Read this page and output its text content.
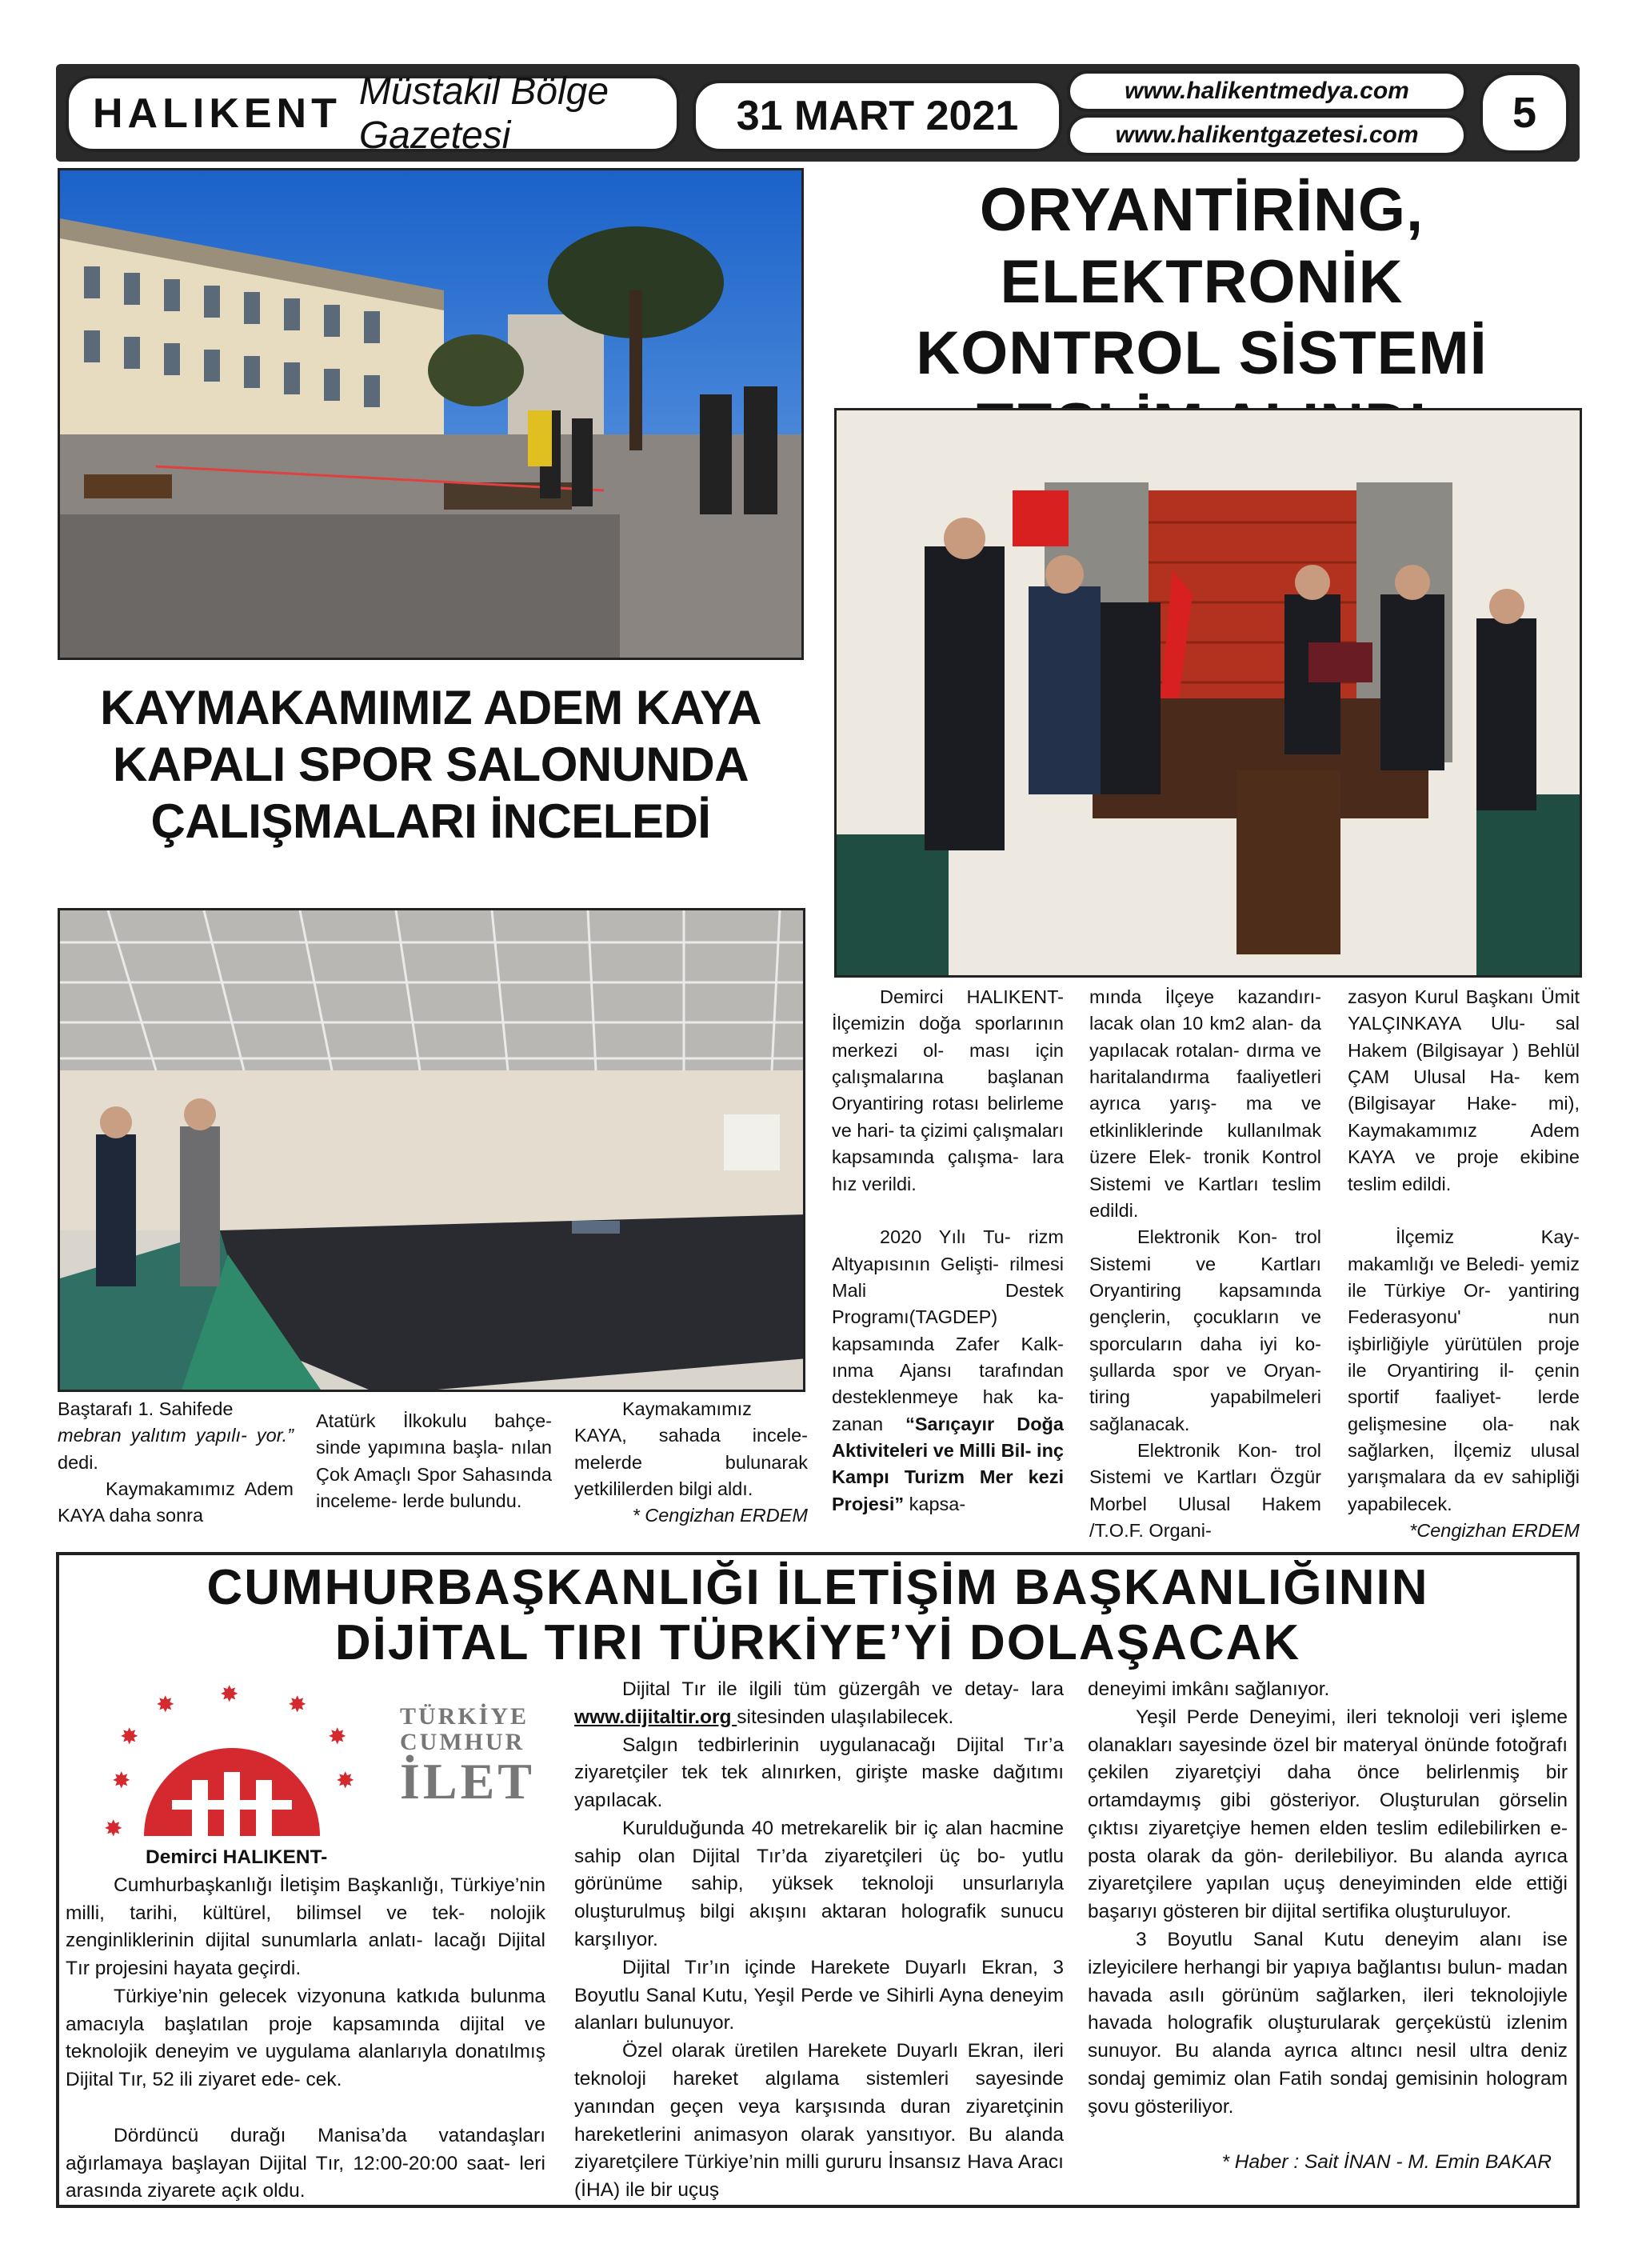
HALIKENT Müstakil Bölge Gazetesi	31 MART 2021
www.halikentmedya.com
www.halikentgazetesi.com	5
KAYMAKAMIMIZ ADEM KAYA
KAPALI SPOR SALONUNDA
ÇALIŞMALARI İNCELEDİ

Baştarafı 1. Sahifede

mebran yalıtım yapılı- yor.” dedi.

Kaymakamımız Adem KAYA daha sonra

Atatürk İlkokulu bahçe- sinde yapımına başla- nılan Çok Amaçlı Spor Sahasında inceleme- lerde bulundu.

Kaymakamımız KAYA, sahada incele- melerde bulunarak yetkililerden bilgi aldı.

* Cengizhan ERDEM

ORYANTİRİNG, ELEKTRONİK
KONTROL SİSTEMİ

Demirci HALIKENT- İlçemizin doğa sporlarının merkezi ol- ması için çalışmalarına başlanan Oryantiring rotası belirleme ve hari- ta çizimi çalışmaları kapsamında çalışma- lara hız verildi.

2020 Yılı Tu- rizm Altyapısının Gelişti- rilmesi Mali Destek Programı(TAGDEP) kapsamında Zafer Kalk- ınma Ajansı tarafından desteklenmeye hak ka- zanan “Sarıçayır Doğa Aktiviteleri ve Milli Bil- inç Kampı Turizm Mer kezi Projesi” kapsa-

mında İlçeye kazandırı- lacak olan 10 km2 alan- da yapılacak rotalan- dırma ve haritalandırma faaliyetleri ayrıca yarış- ma ve etkinliklerinde kullanılmak üzere Elek- tronik Kontrol Sistemi ve Kartları teslim edildi.

Elektronik Kon- trol Sistemi ve Kartları Oryantiring kapsamında gençlerin, çocukların ve sporcuların daha iyi ko- şullarda spor ve Oryan- tiring yapabilmeleri sağlanacak.

Elektronik Kon- trol Sistemi ve Kartları Özgür Morbel Ulusal Hakem /T.O.F. Organi-

zasyon Kurul Başkanı Ümit YALÇINKAYA Ulu- sal Hakem (Bilgisayar ) Behlül ÇAM Ulusal Ha- kem (Bilgisayar Hake- mi), Kaymakamımız Adem KAYA ve proje ekibine teslim edildi.

İlçemiz Kay- makamlığı ve Beledi- yemiz ile Türkiye Or- yantiring Federasyonu' nun işbirliğiyle yürütülen proje ile Oryantiring il- çenin sportif faaliyet- lerde gelişmesine ola- nak sağlarken, İlçemiz ulusal yarışmalara da ev sahipliği yapabilecek.

*Cengizhan ERDEM

CUMHURBAŞKANLIĞI İLETİŞİM BAŞKANLIĞININ
DİJİTAL TIRI TÜRKİYE’Yİ DOLAŞACAK
✸
✸
✸ ✸ ✸
✸
✸
✸
TÜRKİYE
CUMHUR
İLET

Demirci HALIKENT-

Cumhurbaşkanlığı İletişim Başkanlığı, Türkiye’nin milli, tarihi, kültürel, bilimsel ve tek- nolojik zenginliklerinin dijital sunumlarla anlatı- lacağı Dijital Tır projesini hayata geçirdi.

Türkiye’nin gelecek vizyonuna katkıda bulunma amacıyla başlatılan proje kapsamında dijital ve teknolojik deneyim ve uygulama alanlarıyla donatılmış Dijital Tır, 52 ili ziyaret ede- cek.

Dördüncü durağı Manisa’da vatandaşları ağırlamaya başlayan Dijital Tır, 12:00-20:00 saat- leri arasında ziyarete açık oldu.

Dijital Tır ile ilgili tüm güzergâh ve detay- lara www.dijitaltir.org sitesinden ulaşılabilecek.

Salgın tedbirlerinin uygulanacağı Dijital Tır’a ziyaretçiler tek tek alınırken, girişte maske dağıtımı yapılacak.

Kurulduğunda 40 metrekarelik bir iç alan hacmine sahip olan Dijital Tır’da ziyaretçileri üç bo- yutlu görünüme sahip, yüksek teknoloji unsurlarıyla oluşturulmuş bilgi akışını aktaran holografik sunucu karşılıyor.

Dijital Tır’ın içinde Harekete Duyarlı Ekran, 3 Boyutlu Sanal Kutu, Yeşil Perde ve Sihirli Ayna deneyim alanları bulunuyor.

Özel olarak üretilen Harekete Duyarlı Ekran, ileri teknoloji hareket algılama sistemleri sayesinde yanından geçen veya karşısında duran ziyaretçinin hareketlerini animasyon olarak yansıtıyor. Bu alanda ziyaretçilere Türkiye’nin milli gururu İnsansız Hava Aracı (İHA) ile bir uçuş

deneyimi imkânı sağlanıyor.

Yeşil Perde Deneyimi, ileri teknoloji veri işleme olanakları sayesinde özel bir materyal önünde fotoğrafı çekilen ziyaretçiyi daha önce belirlenmiş bir ortamdaymış gibi gösteriyor. Oluşturulan görselin çıktısı ziyaretçiye hemen elden teslim edilebilirken e-posta olarak da gön- derilebiliyor. Bu alanda ayrıca ziyaretçilere yapılan uçuş deneyiminden elde ettiği başarıyı gösteren bir dijital sertifika oluşturuluyor.

3 Boyutlu Sanal Kutu deneyim alanı ise izleyicilere herhangi bir yapıya bağlantısı bulun- madan havada asılı görünüm sağlarken, ileri teknolojiyle havada holografik oluşturularak gerçeküstü izlenim sunuyor. Bu alanda ayrıca altıncı nesil ultra deniz sondaj gemimiz olan Fatih sondaj gemisinin hologram şovu gösteriliyor.

* Haber : Sait İNAN - M. Emin BAKAR
